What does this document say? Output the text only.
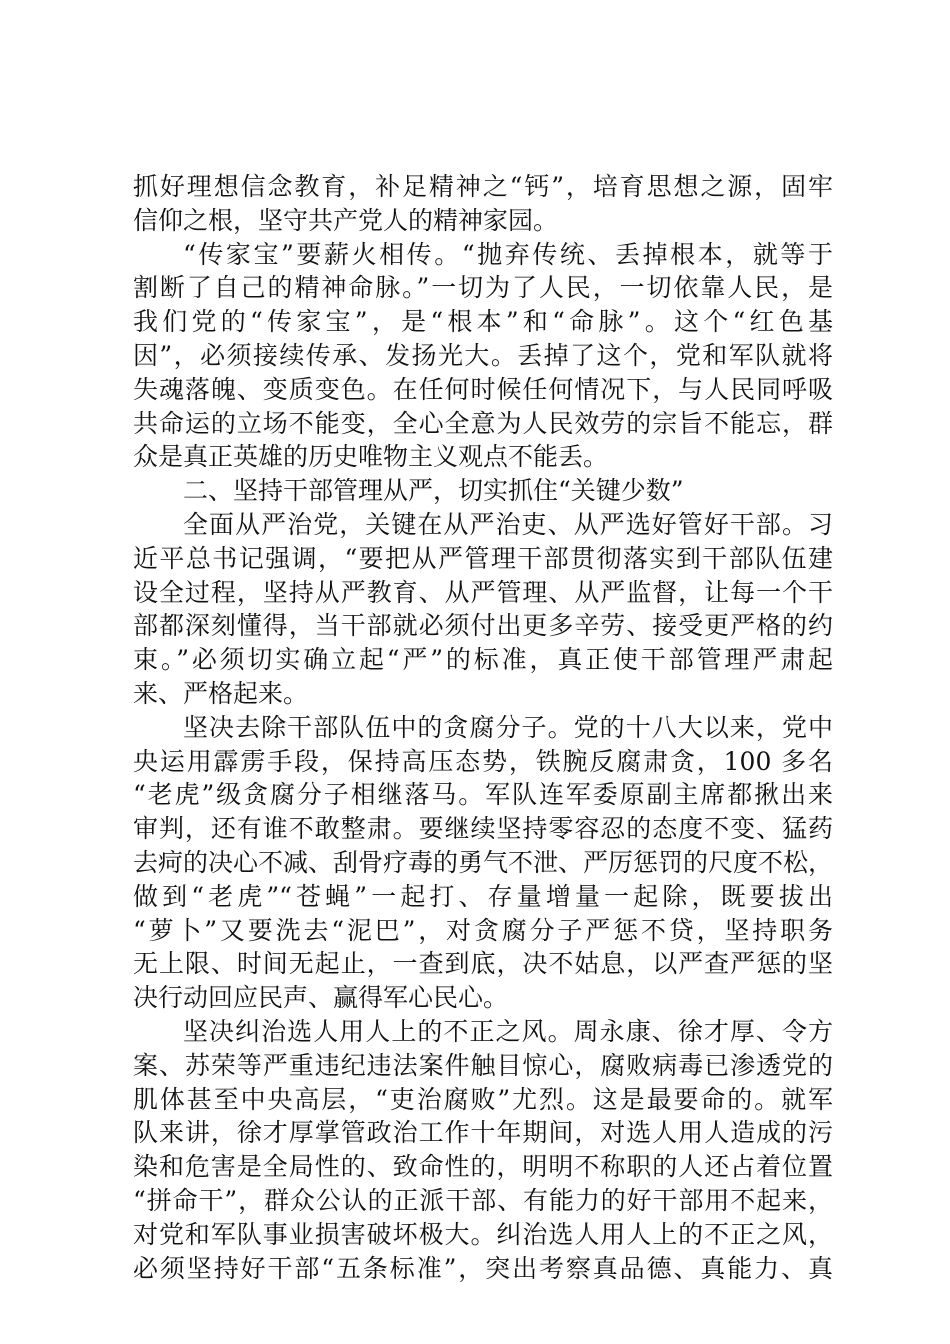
抓好理想信念教育，补足精神之“钙”，培育思想之源，固牢
信仰之根，坚守共产党人的精神家园。
“传家宝”要薪火相传。“抛弃传统、丢掉根本，就等于
割断了自己的精神命脉。”一切为了人民，一切依靠人民，是
我们党的“传家宝”，是“根本”和“命脉”。这个“红色基
因”，必须接续传承、发扬光大。丢掉了这个，党和军队就将
失魂落魄、变质变色。在任何时候任何情况下，与人民同呼吸
共命运的立场不能变，全心全意为人民效劳的宗旨不能忘，群
众是真正英雄的历史唯物主义观点不能丢。
二、坚持干部管理从严，切实抓住“关键少数”
全面从严治党，关键在从严治吏、从严选好管好干部。习
近平总书记强调，“要把从严管理干部贯彻落实到干部队伍建
设全过程，坚持从严教育、从严管理、从严监督，让每一个干
部都深刻懂得，当干部就必须付出更多辛劳、接受更严格的约
束。”必须切实确立起“严”的标准，真正使干部管理严肃起
来、严格起来。
坚决去除干部队伍中的贪腐分子。党的十八大以来，党中
央运用霹雳手段，保持高压态势，铁腕反腐肃贪，100 多名
“老虎”级贪腐分子相继落马。军队连军委原副主席都揪出来
审判，还有谁不敢整肃。要继续坚持零容忍的态度不变、猛药
去疴的决心不减、刮骨疗毒的勇气不泄、严厉惩罚的尺度不松，
做到“老虎”“苍蝇”一起打、存量增量一起除，既要拔出
“萝卜”又要洗去“泥巴”，对贪腐分子严惩不贷，坚持职务
无上限、时间无起止，一查到底，决不姑息，以严查严惩的坚
决行动回应民声、赢得军心民心。
坚决纠治选人用人上的不正之风。周永康、徐才厚、令方
案、苏荣等严重违纪违法案件触目惊心，腐败病毒已渗透党的
肌体甚至中央高层，“吏治腐败”尤烈。这是最要命的。就军
队来讲，徐才厚掌管政治工作十年期间，对选人用人造成的污
染和危害是全局性的、致命性的，明明不称职的人还占着位置
“拼命干”，群众公认的正派干部、有能力的好干部用不起来，
对党和军队事业损害破坏极大。纠治选人用人上的不正之风，
必须坚持好干部“五条标准”，突出考察真品德、真能力、真
